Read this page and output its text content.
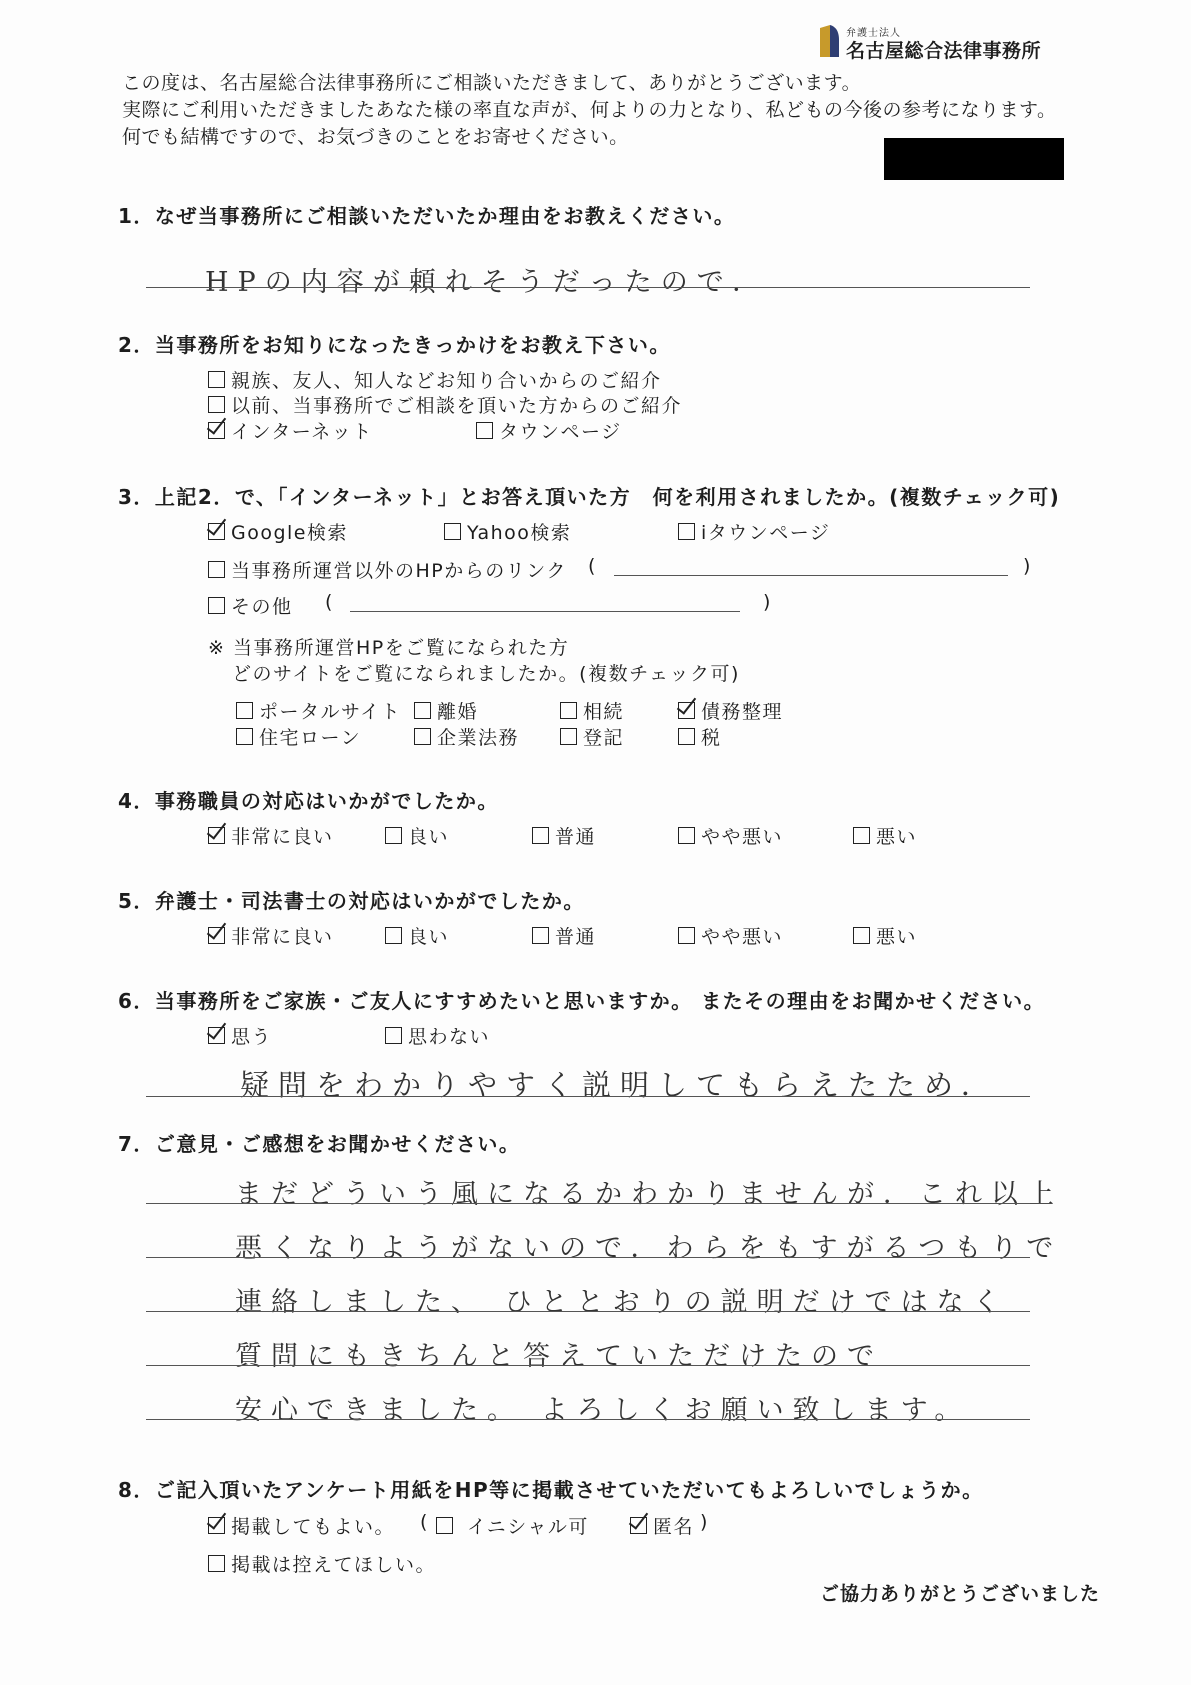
弁護士法人
名古屋総合法律事務所
この度は、名古屋総合法律事務所にご相談いただきまして、ありがとうございます。
実際にご利用いただきましたあなた様の率直な声が、何よりの力となり、私どもの今後の参考になります。
何でも結構ですので、お気づきのことをお寄せください。
1．なぜ当事務所にご相談いただいたか理由をお教えください。
HPの内容が頼れそうだったので．
2．当事務所をお知りになったきっかけをお教え下さい。
親族、友人、知人などお知り合いからのご紹介
以前、当事務所でご相談を頂いた方からのご紹介
インターネット	タウンページ
3．上記2．で、「インターネット」とお答え頂いた方　何を利用されましたか。(複数チェック可)
Google検索	Yahoo検索	iタウンページ
当事務所運営以外のHPからのリンク (	)
その他 (	)
※ 当事務所運営HPをご覧になられた方
どのサイトをご覧になられましたか。(複数チェック可)
ポータルサイト 離婚	相続	債務整理
住宅ローン	企業法務	登記	税
4．事務職員の対応はいかがでしたか。
非常に良い	良い	普通	やや悪い	悪い
5．弁護士・司法書士の対応はいかがでしたか。
非常に良い	良い	普通	やや悪い	悪い
6．当事務所をご家族・ご友人にすすめたいと思いますか。 またその理由をお聞かせください。
思う	思わない
疑問をわかりやすく説明してもらえたため．
7．ご意見・ご感想をお聞かせください。
まだどういう風になるかわかりませんが．これ以上
悪くなりようがないので．わらをもすがるつもりで
連絡しました、 ひととおりの説明だけではなく
質問にもきちんと答えていただけたので
安心できました。 よろしくお願い致します。
8．ご記入頂いたアンケート用紙をHP等に掲載させていただいてもよろしいでしょうか。
掲載してもよい。 ( イニシャル可	匿名 )
掲載は控えてほしい。
ご協力ありがとうございました
